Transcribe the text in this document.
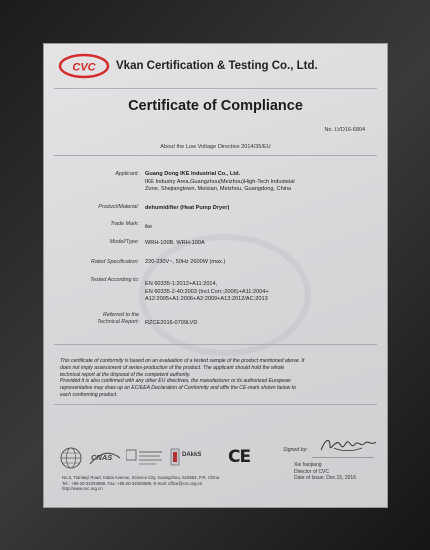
CVC Vkan Certification & Testing Co., Ltd.
Certificate of Compliance
No. LVD16-6804
About the Low Voltage Directive 2014/35/EU
Applicant: Guang Dong IKE Industrial Co., Ltd.
IKE Industry Area,Guangzhou(Meizhou)High-Tech Industeial
Zone, Shejiangtown, Meixian, Meizhou, Guangdong, China
Product/Material: dehumidifier (Heat Pump Dryer)
Trade Mark: ike
Model/Type: WRH-100B, WRH-100A
Rated Specification: 220-230V~, 50Hz 2600W (max.)
Tested According to:
EN 60335-1:2012+A11:2014,
EN 60335-2-40:2003 (Incl.Corr.:2006)+A11:2004+
A12:2005+A1:2006+A2:2009+A13:2012/AC:2013
Referred to the
Technical Report: RZCE2016-0709LVD
This certificate of conformity is based on an evaluation of a tested sample of the product mentioned above. It
does not imply assessment of series-production of the product. The applicant should hold the whole
technical report at the disposal of the competent authority.
Provided it is also confirmed with any other EU directives, the manufacturer or its authorized European
representative may draw up an EC/EEA Declaration of Conformity and affix the CE-mark shown below to
each conforming product.
CNAS	DAkkS CE
No.3, Tiantaiyi Road, Kaitai Avenue, Science City, Guangzhou, 510663, P.R. China
Tel.: +86-20-32293888, Fax: +86-20-32293889, E-mail: office@cvc.org.cn
http://www.cvc.org.cn
Signed by:
Xie haojiang
Director of CVC
Date of Issue: Dec.15, 2016
